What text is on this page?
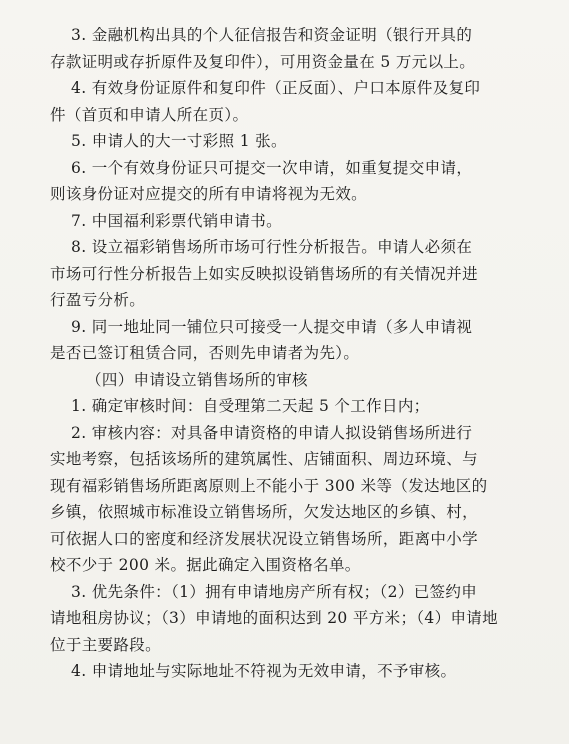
3. 金融机构出具的个人征信报告和资金证明（银行开具的
存款证明或存折原件及复印件），可用资金量在 5 万元以上。
4. 有效身份证原件和复印件（正反面）、户口本原件及复印
件（首页和申请人所在页）。
5. 申请人的大一寸彩照 1 张。
6. 一个有效身份证只可提交一次申请，如重复提交申请，
则该身份证对应提交的所有申请将视为无效。
7. 中国福利彩票代销申请书。
8. 设立福彩销售场所市场可行性分析报告。申请人必须在
市场可行性分析报告上如实反映拟设销售场所的有关情况并进
行盈亏分析。
9. 同一地址同一铺位只可接受一人提交申请（多人申请视
是否已签订租赁合同，否则先申请者为先）。
（四）申请设立销售场所的审核
1. 确定审核时间：自受理第二天起 5 个工作日内；
2. 审核内容：对具备申请资格的申请人拟设销售场所进行
实地考察，包括该场所的建筑属性、店铺面积、周边环境、与
现有福彩销售场所距离原则上不能小于 300 米等（发达地区的
乡镇，依照城市标准设立销售场所，欠发达地区的乡镇、村，
可依据人口的密度和经济发展状况设立销售场所，距离中小学
校不少于 200 米。据此确定入围资格名单。
3. 优先条件：（1）拥有申请地房产所有权；（2）已签约申
请地租房协议；（3）申请地的面积达到 20 平方米；（4）申请地
位于主要路段。
4. 申请地址与实际地址不符视为无效申请，不予审核。
